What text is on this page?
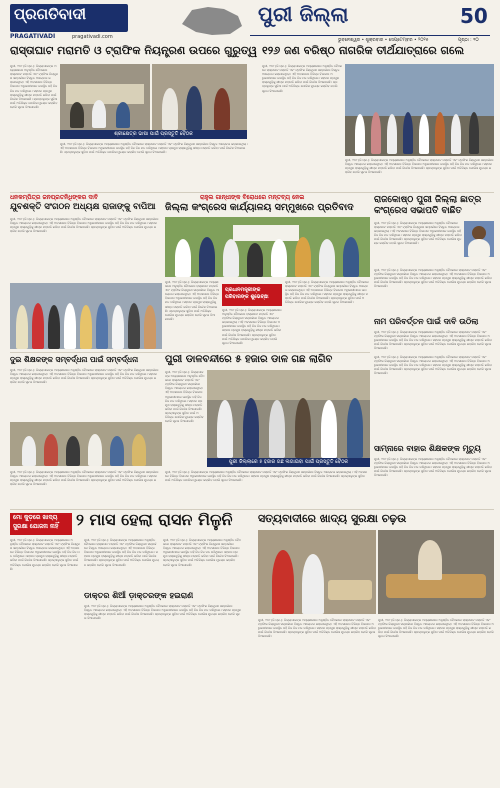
ପ୍ରଗତିବାଦୀ
PRAGATIVADI	pragativadi.com
ପୁରୀ ଜିଲ୍ଲା	50
ଭୁବନେଶ୍ୱର • ଶୁକ୍ରବାର • ସେପ୍ଟେମ୍ବର • ୨୦୨୫	ପୃଷ୍ଠା : ୧୦
ରାସ୍ତାଘାଟ ମରାମତି ଓ ଟ୍ରାଫିକ ନିୟନ୍ତ୍ରଣ ଉପରେ ଗୁରୁତ୍ୱ ୧୨୬ ଜଣ ବରିଷ୍ଠ ନାଗରିକ ତୀର୍ଥଯାତ୍ରାରେ ଗଲେ
ପୁରୀ, ୨୨ା୯ (ନି.ପ୍ର.): ଜିଲ୍ଲାପାଳଙ୍କ ଅଧ୍ୟକ୍ଷତାରେ ଅନୁଷ୍ଠିତ ବୈଠକରେ ରାସ୍ତାଘାଟ ମରାମତି ଏବଂ ଟ୍ରାଫିକ ନିୟନ୍ତ୍ରଣ ସମ୍ପର୍କରେ ବିସ୍ତୃତ ଆଲୋଚନା କରାଯାଇଥିଲା। ଏହି ଅବସରରେ ବିଭିନ୍ନ ବିଭାଗର ଅଧିକାରୀମାନେ ଉପସ୍ଥିତ ରହି ନିଜ ନିଜ ମତ ରଖିଥିଲେ। ସହରର ପ୍ରମୁଖ ରାସ୍ତାଗୁଡ଼ିକୁ ଶୀଘ୍ର ମରାମତି କରିବା ପାଇଁ ନିର୍ଦ୍ଦେଶ ଦିଆଯାଇଛି। ଶ୍ରଦ୍ଧାଳୁଙ୍କ ସୁବିଧା ପାଇଁ ଅତିରିକ୍ତ ପୋଲିସ ମୁତୟନ କରାଯିବ ବୋଲି ସୂଚନା ଦିଆଯାଇଛି।
ଶ୍ରୀକ୍ଷେତ୍ର ଭାଷା ପାଇଁ ପ୍ରସ୍ତୁତି ବୈଠକ
ପୁରୀ, ୨୨ା୯ (ନି.ପ୍ର.): ଜିଲ୍ଲାପାଳଙ୍କ ଅଧ୍ୟକ୍ଷତାରେ ଅନୁଷ୍ଠିତ ବୈଠକରେ ରାସ୍ତାଘାଟ ମରାମତି ଏବଂ ଟ୍ରାଫିକ ନିୟନ୍ତ୍ରଣ ସମ୍ପର୍କରେ ବିସ୍ତୃତ ଆଲୋଚନା କରାଯାଇଥିଲା। ଏହି ଅବସରରେ ବିଭିନ୍ନ ବିଭାଗର ଅଧିକାରୀମାନେ ଉପସ୍ଥିତ ରହି ନିଜ ନିଜ ମତ ରଖିଥିଲେ। ସହରର ପ୍ରମୁଖ ରାସ୍ତାଗୁଡ଼ିକୁ ଶୀଘ୍ର ମରାମତି କରିବା ପାଇଁ ନିର୍ଦ୍ଦେଶ ଦିଆଯାଇଛି। ଶ୍ରଦ୍ଧାଳୁଙ୍କ ସୁବିଧା ପାଇଁ ଅତିରିକ୍ତ ପୋଲିସ ମୁତୟନ କରାଯିବ ବୋଲି ସୂଚନା ଦିଆଯାଇଛି।
ପୁରୀ, ୨୨ା୯ (ନି.ପ୍ର.): ଜିଲ୍ଲାପାଳଙ୍କ ଅଧ୍ୟକ୍ଷତାରେ ଅନୁଷ୍ଠିତ ବୈଠକରେ ରାସ୍ତାଘାଟ ମରାମତି ଏବଂ ଟ୍ରାଫିକ ନିୟନ୍ତ୍ରଣ ସମ୍ପର୍କରେ ବିସ୍ତୃତ ଆଲୋଚନା କରାଯାଇଥିଲା। ଏହି ଅବସରରେ ବିଭିନ୍ନ ବିଭାଗର ଅଧିକାରୀମାନେ ଉପସ୍ଥିତ ରହି ନିଜ ନିଜ ମତ ରଖିଥିଲେ। ସହରର ପ୍ରମୁଖ ରାସ୍ତାଗୁଡ଼ିକୁ ଶୀଘ୍ର ମରାମତି କରିବା ପାଇଁ ନିର୍ଦ୍ଦେଶ ଦିଆଯାଇଛି। ଶ୍ରଦ୍ଧାଳୁଙ୍କ ସୁବିଧା ପାଇଁ ଅତିରିକ୍ତ ପୋଲିସ ମୁତୟନ କରାଯିବ ବୋଲି ସୂଚନା ଦିଆଯାଇଛି।
ପୁରୀ, ୨୨ା୯ (ନି.ପ୍ର.): ଜିଲ୍ଲାପାଳଙ୍କ ଅଧ୍ୟକ୍ଷତାରେ ଅନୁଷ୍ଠିତ ବୈଠକରେ ରାସ୍ତାଘାଟ ମରାମତି ଏବଂ ଟ୍ରାଫିକ ନିୟନ୍ତ୍ରଣ ସମ୍ପର୍କରେ ବିସ୍ତୃତ ଆଲୋଚନା କରାଯାଇଥିଲା। ଏହି ଅବସରରେ ବିଭିନ୍ନ ବିଭାଗର ଅଧିକାରୀମାନେ ଉପସ୍ଥିତ ରହି ନିଜ ନିଜ ମତ ରଖିଥିଲେ। ସହରର ପ୍ରମୁଖ ରାସ୍ତାଗୁଡ଼ିକୁ ଶୀଘ୍ର ମରାମତି କରିବା ପାଇଁ ନିର୍ଦ୍ଦେଶ ଦିଆଯାଇଛି। ଶ୍ରଦ୍ଧାଳୁଙ୍କ ସୁବିଧା ପାଇଁ ଅତିରିକ୍ତ ପୋଲିସ ମୁତୟନ କରାଯିବ ବୋଲି ସୂଚନା ଦିଆଯାଇଛି।
ଧନକମ୍ପିତ୍ର ଜନପ୍ରତନିଧିଙ୍କର ଦାବି
ଯୁବଶକ୍ତି ସଂଗଠନ ଅଧ୍ୟକ୍ଷ ରାଜାଙ୍କୁ ବାପିଆ
ପୁରୀ, ୨୨ା୯ (ନି.ପ୍ର.): ଜିଲ୍ଲାପାଳଙ୍କ ଅଧ୍ୟକ୍ଷତାରେ ଅନୁଷ୍ଠିତ ବୈଠକରେ ରାସ୍ତାଘାଟ ମରାମତି ଏବଂ ଟ୍ରାଫିକ ନିୟନ୍ତ୍ରଣ ସମ୍ପର୍କରେ ବିସ୍ତୃତ ଆଲୋଚନା କରାଯାଇଥିଲା। ଏହି ଅବସରରେ ବିଭିନ୍ନ ବିଭାଗର ଅଧିକାରୀମାନେ ଉପସ୍ଥିତ ରହି ନିଜ ନିଜ ମତ ରଖିଥିଲେ। ସହରର ପ୍ରମୁଖ ରାସ୍ତାଗୁଡ଼ିକୁ ଶୀଘ୍ର ମରାମତି କରିବା ପାଇଁ ନିର୍ଦ୍ଦେଶ ଦିଆଯାଇଛି। ଶ୍ରଦ୍ଧାଳୁଙ୍କ ସୁବିଧା ପାଇଁ ଅତିରିକ୍ତ ପୋଲିସ ମୁତୟନ କରାଯିବ ବୋଲି ସୂଚନା ଦିଆଯାଇଛି।
ରାହୁଲ ଗାନ୍ଧୀଙ୍କ ବିରୋଧରେ ମନ୍ତବ୍ୟ ନେଇ
ଜିଲ୍ଲା କଂଗ୍ରେସ କାର୍ଯ୍ୟାଳୟ ସମ୍ମୁଖରେ ପ୍ରତିବାଦ
ପୁରୀ, ୨୨ା୯ (ନି.ପ୍ର.): ଜିଲ୍ଲାପାଳଙ୍କ ଅଧ୍ୟକ୍ଷତାରେ ଅନୁଷ୍ଠିତ ବୈଠକରେ ରାସ୍ତାଘାଟ ମରାମତି ଏବଂ ଟ୍ରାଫିକ ନିୟନ୍ତ୍ରଣ ସମ୍ପର୍କରେ ବିସ୍ତୃତ ଆଲୋଚନା କରାଯାଇଥିଲା। ଏହି ଅବସରରେ ବିଭିନ୍ନ ବିଭାଗର ଅଧିକାରୀମାନେ ଉପସ୍ଥିତ ରହି ନିଜ ନିଜ ମତ ରଖିଥିଲେ। ସହରର ପ୍ରମୁଖ ରାସ୍ତାଗୁଡ଼ିକୁ ଶୀଘ୍ର ମରାମତି କରିବା ପାଇଁ ନିର୍ଦ୍ଦେଶ ଦିଆଯାଇଛି। ଶ୍ରଦ୍ଧାଳୁଙ୍କ ସୁବିଧା ପାଇଁ ଅତିରିକ୍ତ ପୋଲିସ ମୁତୟନ କରାଯିବ ବୋଲି ସୂଚନା ଦିଆଯାଇଛି।
ପ୍ରଧାନମନ୍ତ୍ରୀଙ୍କ ପରିବାରଙ୍କ ଶୁଭେଚ୍ଛା
ପୁରୀ, ୨୨ା୯ (ନି.ପ୍ର.): ଜିଲ୍ଲାପାଳଙ୍କ ଅଧ୍ୟକ୍ଷତାରେ ଅନୁଷ୍ଠିତ ବୈଠକରେ ରାସ୍ତାଘାଟ ମରାମତି ଏବଂ ଟ୍ରାଫିକ ନିୟନ୍ତ୍ରଣ ସମ୍ପର୍କରେ ବିସ୍ତୃତ ଆଲୋଚନା କରାଯାଇଥିଲା। ଏହି ଅବସରରେ ବିଭିନ୍ନ ବିଭାଗର ଅଧିକାରୀମାନେ ଉପସ୍ଥିତ ରହି ନିଜ ନିଜ ମତ ରଖିଥିଲେ। ସହରର ପ୍ରମୁଖ ରାସ୍ତାଗୁଡ଼ିକୁ ଶୀଘ୍ର ମରାମତି କରିବା ପାଇଁ ନିର୍ଦ୍ଦେଶ ଦିଆଯାଇଛି। ଶ୍ରଦ୍ଧାଳୁଙ୍କ ସୁବିଧା ପାଇଁ ଅତିରିକ୍ତ ପୋଲିସ ମୁତୟନ କରାଯିବ ବୋଲି ସୂଚନା ଦିଆଯାଇଛି।
ପୁରୀ, ୨୨ା୯ (ନି.ପ୍ର.): ଜିଲ୍ଲାପାଳଙ୍କ ଅଧ୍ୟକ୍ଷତାରେ ଅନୁଷ୍ଠିତ ବୈଠକରେ ରାସ୍ତାଘାଟ ମରାମତି ଏବଂ ଟ୍ରାଫିକ ନିୟନ୍ତ୍ରଣ ସମ୍ପର୍କରେ ବିସ୍ତୃତ ଆଲୋଚନା କରାଯାଇଥିଲା। ଏହି ଅବସରରେ ବିଭିନ୍ନ ବିଭାଗର ଅଧିକାରୀମାନେ ଉପସ୍ଥିତ ରହି ନିଜ ନିଜ ମତ ରଖିଥିଲେ। ସହରର ପ୍ରମୁଖ ରାସ୍ତାଗୁଡ଼ିକୁ ଶୀଘ୍ର ମରାମତି କରିବା ପାଇଁ ନିର୍ଦ୍ଦେଶ ଦିଆଯାଇଛି। ଶ୍ରଦ୍ଧାଳୁଙ୍କ ସୁବିଧା ପାଇଁ ଅତିରିକ୍ତ ପୋଲିସ ମୁତୟନ କରାଯିବ ବୋଲି ସୂଚନା ଦିଆଯାଇଛି।
ରାଜକୋଷ୍ଠ ପୁରୀ ଜିଲ୍ଲା ଛାତ୍ର
କଂଗ୍ରେସ ସଭାପତି ବାଛିତ
ପୁରୀ, ୨୨ା୯ (ନି.ପ୍ର.): ଜିଲ୍ଲାପାଳଙ୍କ ଅଧ୍ୟକ୍ଷତାରେ ଅନୁଷ୍ଠିତ ବୈଠକରେ ରାସ୍ତାଘାଟ ମରାମତି ଏବଂ ଟ୍ରାଫିକ ନିୟନ୍ତ୍ରଣ ସମ୍ପର୍କରେ ବିସ୍ତୃତ ଆଲୋଚନା କରାଯାଇଥିଲା। ଏହି ଅବସରରେ ବିଭିନ୍ନ ବିଭାଗର ଅଧିକାରୀମାନେ ଉପସ୍ଥିତ ରହି ନିଜ ନିଜ ମତ ରଖିଥିଲେ। ସହରର ପ୍ରମୁଖ ରାସ୍ତାଗୁଡ଼ିକୁ ଶୀଘ୍ର ମରାମତି କରିବା ପାଇଁ ନିର୍ଦ୍ଦେଶ ଦିଆଯାଇଛି। ଶ୍ରଦ୍ଧାଳୁଙ୍କ ସୁବିଧା ପାଇଁ ଅତିରିକ୍ତ ପୋଲିସ ମୁତୟନ କରାଯିବ ବୋଲି ସୂଚନା ଦିଆଯାଇଛି।
ପୁରୀ, ୨୨ା୯ (ନି.ପ୍ର.): ଜିଲ୍ଲାପାଳଙ୍କ ଅଧ୍ୟକ୍ଷତାରେ ଅନୁଷ୍ଠିତ ବୈଠକରେ ରାସ୍ତାଘାଟ ମରାମତି ଏବଂ ଟ୍ରାଫିକ ନିୟନ୍ତ୍ରଣ ସମ୍ପର୍କରେ ବିସ୍ତୃତ ଆଲୋଚନା କରାଯାଇଥିଲା। ଏହି ଅବସରରେ ବିଭିନ୍ନ ବିଭାଗର ଅଧିକାରୀମାନେ ଉପସ୍ଥିତ ରହି ନିଜ ନିଜ ମତ ରଖିଥିଲେ। ସହରର ପ୍ରମୁଖ ରାସ୍ତାଗୁଡ଼ିକୁ ଶୀଘ୍ର ମରାମତି କରିବା ପାଇଁ ନିର୍ଦ୍ଦେଶ ଦିଆଯାଇଛି। ଶ୍ରଦ୍ଧାଳୁଙ୍କ ସୁବିଧା ପାଇଁ ଅତିରିକ୍ତ ପୋଲିସ ମୁତୟନ କରାଯିବ ବୋଲି ସୂଚନା ଦିଆଯାଇଛି।
ନାମ ପରିବର୍ତ୍ତନ ପାଇଁ ଦାବି ଉଠିଲା
ପୁରୀ, ୨୨ା୯ (ନି.ପ୍ର.): ଜିଲ୍ଲାପାଳଙ୍କ ଅଧ୍ୟକ୍ଷତାରେ ଅନୁଷ୍ଠିତ ବୈଠକରେ ରାସ୍ତାଘାଟ ମରାମତି ଏବଂ ଟ୍ରାଫିକ ନିୟନ୍ତ୍ରଣ ସମ୍ପର୍କରେ ବିସ୍ତୃତ ଆଲୋଚନା କରାଯାଇଥିଲା। ଏହି ଅବସରରେ ବିଭିନ୍ନ ବିଭାଗର ଅଧିକାରୀମାନେ ଉପସ୍ଥିତ ରହି ନିଜ ନିଜ ମତ ରଖିଥିଲେ। ସହରର ପ୍ରମୁଖ ରାସ୍ତାଗୁଡ଼ିକୁ ଶୀଘ୍ର ମରାମତି କରିବା ପାଇଁ ନିର୍ଦ୍ଦେଶ ଦିଆଯାଇଛି। ଶ୍ରଦ୍ଧାଳୁଙ୍କ ସୁବିଧା ପାଇଁ ଅତିରିକ୍ତ ପୋଲିସ ମୁତୟନ କରାଯିବ ବୋଲି ସୂଚନା ଦିଆଯାଇଛି।
ଦୁଇ ଶିକ୍ଷକଙ୍କ ସମ୍ବର୍ଦ୍ଧନା ପାଇଁ ସମ୍ବର୍ଦ୍ଧନା
ପୁରୀ, ୨୨ା୯ (ନି.ପ୍ର.): ଜିଲ୍ଲାପାଳଙ୍କ ଅଧ୍ୟକ୍ଷତାରେ ଅନୁଷ୍ଠିତ ବୈଠକରେ ରାସ୍ତାଘାଟ ମରାମତି ଏବଂ ଟ୍ରାଫିକ ନିୟନ୍ତ୍ରଣ ସମ୍ପର୍କରେ ବିସ୍ତୃତ ଆଲୋଚନା କରାଯାଇଥିଲା। ଏହି ଅବସରରେ ବିଭିନ୍ନ ବିଭାଗର ଅଧିକାରୀମାନେ ଉପସ୍ଥିତ ରହି ନିଜ ନିଜ ମତ ରଖିଥିଲେ। ସହରର ପ୍ରମୁଖ ରାସ୍ତାଗୁଡ଼ିକୁ ଶୀଘ୍ର ମରାମତି କରିବା ପାଇଁ ନିର୍ଦ୍ଦେଶ ଦିଆଯାଇଛି। ଶ୍ରଦ୍ଧାଳୁଙ୍କ ସୁବିଧା ପାଇଁ ଅତିରିକ୍ତ ପୋଲିସ ମୁତୟନ କରାଯିବ ବୋଲି ସୂଚନା ଦିଆଯାଇଛି।
ପୁରୀ, ୨୨ା୯ (ନି.ପ୍ର.): ଜିଲ୍ଲାପାଳଙ୍କ ଅଧ୍ୟକ୍ଷତାରେ ଅନୁଷ୍ଠିତ ବୈଠକରେ ରାସ୍ତାଘାଟ ମରାମତି ଏବଂ ଟ୍ରାଫିକ ନିୟନ୍ତ୍ରଣ ସମ୍ପର୍କରେ ବିସ୍ତୃତ ଆଲୋଚନା କରାଯାଇଥିଲା। ଏହି ଅବସରରେ ବିଭିନ୍ନ ବିଭାଗର ଅଧିକାରୀମାନେ ଉପସ୍ଥିତ ରହି ନିଜ ନିଜ ମତ ରଖିଥିଲେ। ସହରର ପ୍ରମୁଖ ରାସ୍ତାଗୁଡ଼ିକୁ ଶୀଘ୍ର ମରାମତି କରିବା ପାଇଁ ନିର୍ଦ୍ଦେଶ ଦିଆଯାଇଛି। ଶ୍ରଦ୍ଧାଳୁଙ୍କ ସୁବିଧା ପାଇଁ ଅତିରିକ୍ତ ପୋଲିସ ମୁତୟନ କରାଯିବ ବୋଲି ସୂଚନା ଦିଆଯାଇଛି।
ପୁରୀ ଡାଳବନ୍ଦୀରେ ୫ ହଜାର ଡାଳ ଗଛ ଲାଗିବ
ପୁରୀ, ୨୨ା୯ (ନି.ପ୍ର.): ଜିଲ୍ଲାପାଳଙ୍କ ଅଧ୍ୟକ୍ଷତାରେ ଅନୁଷ୍ଠିତ ବୈଠକରେ ରାସ୍ତାଘାଟ ମରାମତି ଏବଂ ଟ୍ରାଫିକ ନିୟନ୍ତ୍ରଣ ସମ୍ପର୍କରେ ବିସ୍ତୃତ ଆଲୋଚନା କରାଯାଇଥିଲା। ଏହି ଅବସରରେ ବିଭିନ୍ନ ବିଭାଗର ଅଧିକାରୀମାନେ ଉପସ୍ଥିତ ରହି ନିଜ ନିଜ ମତ ରଖିଥିଲେ। ସହରର ପ୍ରମୁଖ ରାସ୍ତାଗୁଡ଼ିକୁ ଶୀଘ୍ର ମରାମତି କରିବା ପାଇଁ ନିର୍ଦ୍ଦେଶ ଦିଆଯାଇଛି। ଶ୍ରଦ୍ଧାଳୁଙ୍କ ସୁବିଧା ପାଇଁ ଅତିରିକ୍ତ ପୋଲିସ ମୁତୟନ କରାଯିବ ବୋଲି ସୂଚନା ଦିଆଯାଇଛି।
ପୁରୀ ଜିଲ୍ଲାରେ ୫ ହଜାର ଗଛ ଲଗାଇବା ପାଇଁ ପ୍ରସ୍ତୁତି ବୈଠକ
ପୁରୀ, ୨୨ା୯ (ନି.ପ୍ର.): ଜିଲ୍ଲାପାଳଙ୍କ ଅଧ୍ୟକ୍ଷତାରେ ଅନୁଷ୍ଠିତ ବୈଠକରେ ରାସ୍ତାଘାଟ ମରାମତି ଏବଂ ଟ୍ରାଫିକ ନିୟନ୍ତ୍ରଣ ସମ୍ପର୍କରେ ବିସ୍ତୃତ ଆଲୋଚନା କରାଯାଇଥିଲା। ଏହି ଅବସରରେ ବିଭିନ୍ନ ବିଭାଗର ଅଧିକାରୀମାନେ ଉପସ୍ଥିତ ରହି ନିଜ ନିଜ ମତ ରଖିଥିଲେ। ସହରର ପ୍ରମୁଖ ରାସ୍ତାଗୁଡ଼ିକୁ ଶୀଘ୍ର ମରାମତି କରିବା ପାଇଁ ନିର୍ଦ୍ଦେଶ ଦିଆଯାଇଛି। ଶ୍ରଦ୍ଧାଳୁଙ୍କ ସୁବିଧା ପାଇଁ ଅତିରିକ୍ତ ପୋଲିସ ମୁତୟନ କରାଯିବ ବୋଲି ସୂଚନା ଦିଆଯାଇଛି।
ପୁରୀ, ୨୨ା୯ (ନି.ପ୍ର.): ଜିଲ୍ଲାପାଳଙ୍କ ଅଧ୍ୟକ୍ଷତାରେ ଅନୁଷ୍ଠିତ ବୈଠକରେ ରାସ୍ତାଘାଟ ମରାମତି ଏବଂ ଟ୍ରାଫିକ ନିୟନ୍ତ୍ରଣ ସମ୍ପର୍କରେ ବିସ୍ତୃତ ଆଲୋଚନା କରାଯାଇଥିଲା। ଏହି ଅବସରରେ ବିଭିନ୍ନ ବିଭାଗର ଅଧିକାରୀମାନେ ଉପସ୍ଥିତ ରହି ନିଜ ନିଜ ମତ ରଖିଥିଲେ। ସହରର ପ୍ରମୁଖ ରାସ୍ତାଗୁଡ଼ିକୁ ଶୀଘ୍ର ମରାମତି କରିବା ପାଇଁ ନିର୍ଦ୍ଦେଶ ଦିଆଯାଇଛି। ଶ୍ରଦ୍ଧାଳୁଙ୍କ ସୁବିଧା ପାଇଁ ଅତିରିକ୍ତ ପୋଲିସ ମୁତୟନ କରାଯିବ ବୋଲି ସୂଚନା ଦିଆଯାଇଛି।
ସାମ୍ନାରେ ବାହାର ଶିକ୍ଷକଙ୍କ ମୃତ୍ୟୁ
ପୁରୀ, ୨୨ା୯ (ନି.ପ୍ର.): ଜିଲ୍ଲାପାଳଙ୍କ ଅଧ୍ୟକ୍ଷତାରେ ଅନୁଷ୍ଠିତ ବୈଠକରେ ରାସ୍ତାଘାଟ ମରାମତି ଏବଂ ଟ୍ରାଫିକ ନିୟନ୍ତ୍ରଣ ସମ୍ପର୍କରେ ବିସ୍ତୃତ ଆଲୋଚନା କରାଯାଇଥିଲା। ଏହି ଅବସରରେ ବିଭିନ୍ନ ବିଭାଗର ଅଧିକାରୀମାନେ ଉପସ୍ଥିତ ରହି ନିଜ ନିଜ ମତ ରଖିଥିଲେ। ସହରର ପ୍ରମୁଖ ରାସ୍ତାଗୁଡ଼ିକୁ ଶୀଘ୍ର ମରାମତି କରିବା ପାଇଁ ନିର୍ଦ୍ଦେଶ ଦିଆଯାଇଛି। ଶ୍ରଦ୍ଧାଳୁଙ୍କ ସୁବିଧା ପାଇଁ ଅତିରିକ୍ତ ପୋଲିସ ମୁତୟନ କରାଯିବ ବୋଲି ସୂଚନା ଦିଆଯାଇଛି।
ମୋ କୁଡ଼ରେ ଖାଦ୍ୟ
ସୁରକ୍ଷା ଯୋଜନା ନାହିଁ	୨ ମାସ ହେଲା ରାସନ ମିଳୁନି
ପୁରୀ, ୨୨ା୯ (ନି.ପ୍ର.): ଜିଲ୍ଲାପାଳଙ୍କ ଅଧ୍ୟକ୍ଷତାରେ ଅନୁଷ୍ଠିତ ବୈଠକରେ ରାସ୍ତାଘାଟ ମରାମତି ଏବଂ ଟ୍ରାଫିକ ନିୟନ୍ତ୍ରଣ ସମ୍ପର୍କରେ ବିସ୍ତୃତ ଆଲୋଚନା କରାଯାଇଥିଲା। ଏହି ଅବସରରେ ବିଭିନ୍ନ ବିଭାଗର ଅଧିକାରୀମାନେ ଉପସ୍ଥିତ ରହି ନିଜ ନିଜ ମତ ରଖିଥିଲେ। ସହରର ପ୍ରମୁଖ ରାସ୍ତାଗୁଡ଼ିକୁ ଶୀଘ୍ର ମରାମତି କରିବା ପାଇଁ ନିର୍ଦ୍ଦେଶ ଦିଆଯାଇଛି। ଶ୍ରଦ୍ଧାଳୁଙ୍କ ସୁବିଧା ପାଇଁ ଅତିରିକ୍ତ ପୋଲିସ ମୁତୟନ କରାଯିବ ବୋଲି ସୂଚନା ଦିଆଯାଇଛି।
ପୁରୀ, ୨୨ା୯ (ନି.ପ୍ର.): ଜିଲ୍ଲାପାଳଙ୍କ ଅଧ୍ୟକ୍ଷତାରେ ଅନୁଷ୍ଠିତ ବୈଠକରେ ରାସ୍ତାଘାଟ ମରାମତି ଏବଂ ଟ୍ରାଫିକ ନିୟନ୍ତ୍ରଣ ସମ୍ପର୍କରେ ବିସ୍ତୃତ ଆଲୋଚନା କରାଯାଇଥିଲା। ଏହି ଅବସରରେ ବିଭିନ୍ନ ବିଭାଗର ଅଧିକାରୀମାନେ ଉପସ୍ଥିତ ରହି ନିଜ ନିଜ ମତ ରଖିଥିଲେ। ସହରର ପ୍ରମୁଖ ରାସ୍ତାଗୁଡ଼ିକୁ ଶୀଘ୍ର ମରାମତି କରିବା ପାଇଁ ନିର୍ଦ୍ଦେଶ ଦିଆଯାଇଛି। ଶ୍ରଦ୍ଧାଳୁଙ୍କ ସୁବିଧା ପାଇଁ ଅତିରିକ୍ତ ପୋଲିସ ମୁତୟନ କରାଯିବ ବୋଲି ସୂଚନା ଦିଆଯାଇଛି।
ପୁରୀ, ୨୨ା୯ (ନି.ପ୍ର.): ଜିଲ୍ଲାପାଳଙ୍କ ଅଧ୍ୟକ୍ଷତାରେ ଅନୁଷ୍ଠିତ ବୈଠକରେ ରାସ୍ତାଘାଟ ମରାମତି ଏବଂ ଟ୍ରାଫିକ ନିୟନ୍ତ୍ରଣ ସମ୍ପର୍କରେ ବିସ୍ତୃତ ଆଲୋଚନା କରାଯାଇଥିଲା। ଏହି ଅବସରରେ ବିଭିନ୍ନ ବିଭାଗର ଅଧିକାରୀମାନେ ଉପସ୍ଥିତ ରହି ନିଜ ନିଜ ମତ ରଖିଥିଲେ। ସହରର ପ୍ରମୁଖ ରାସ୍ତାଗୁଡ଼ିକୁ ଶୀଘ୍ର ମରାମତି କରିବା ପାଇଁ ନିର୍ଦ୍ଦେଶ ଦିଆଯାଇଛି। ଶ୍ରଦ୍ଧାଳୁଙ୍କ ସୁବିଧା ପାଇଁ ଅତିରିକ୍ତ ପୋଲିସ ମୁତୟନ କରାଯିବ ବୋଲି ସୂଚନା ଦିଆଯାଇଛି।
ଡାକ୍ତର ଶିଆଁ ଡ଼ାକ୍ତରଙ୍କ ହଇରାଣ
ପୁରୀ, ୨୨ା୯ (ନି.ପ୍ର.): ଜିଲ୍ଲାପାଳଙ୍କ ଅଧ୍ୟକ୍ଷତାରେ ଅନୁଷ୍ଠିତ ବୈଠକରେ ରାସ୍ତାଘାଟ ମରାମତି ଏବଂ ଟ୍ରାଫିକ ନିୟନ୍ତ୍ରଣ ସମ୍ପର୍କରେ ବିସ୍ତୃତ ଆଲୋଚନା କରାଯାଇଥିଲା। ଏହି ଅବସରରେ ବିଭିନ୍ନ ବିଭାଗର ଅଧିକାରୀମାନେ ଉପସ୍ଥିତ ରହି ନିଜ ନିଜ ମତ ରଖିଥିଲେ। ସହରର ପ୍ରମୁଖ ରାସ୍ତାଗୁଡ଼ିକୁ ଶୀଘ୍ର ମରାମତି କରିବା ପାଇଁ ନିର୍ଦ୍ଦେଶ ଦିଆଯାଇଛି। ଶ୍ରଦ୍ଧାଳୁଙ୍କ ସୁବିଧା ପାଇଁ ଅତିରିକ୍ତ ପୋଲିସ ମୁତୟନ କରାଯିବ ବୋଲି ସୂଚନା ଦିଆଯାଇଛି।
ସତ୍ୟବାଦୀରେ ଖାଦ୍ୟ ସୁରକ୍ଷା ଚଢ଼ଉ
ପୁରୀ, ୨୨ା୯ (ନି.ପ୍ର.): ଜିଲ୍ଲାପାଳଙ୍କ ଅଧ୍ୟକ୍ଷତାରେ ଅନୁଷ୍ଠିତ ବୈଠକରେ ରାସ୍ତାଘାଟ ମରାମତି ଏବଂ ଟ୍ରାଫିକ ନିୟନ୍ତ୍ରଣ ସମ୍ପର୍କରେ ବିସ୍ତୃତ ଆଲୋଚନା କରାଯାଇଥିଲା। ଏହି ଅବସରରେ ବିଭିନ୍ନ ବିଭାଗର ଅଧିକାରୀମାନେ ଉପସ୍ଥିତ ରହି ନିଜ ନିଜ ମତ ରଖିଥିଲେ। ସହରର ପ୍ରମୁଖ ରାସ୍ତାଗୁଡ଼ିକୁ ଶୀଘ୍ର ମରାମତି କରିବା ପାଇଁ ନିର୍ଦ୍ଦେଶ ଦିଆଯାଇଛି। ଶ୍ରଦ୍ଧାଳୁଙ୍କ ସୁବିଧା ପାଇଁ ଅତିରିକ୍ତ ପୋଲିସ ମୁତୟନ କରାଯିବ ବୋଲି ସୂଚନା ଦିଆଯାଇଛି।
ପୁରୀ, ୨୨ା୯ (ନି.ପ୍ର.): ଜିଲ୍ଲାପାଳଙ୍କ ଅଧ୍ୟକ୍ଷତାରେ ଅନୁଷ୍ଠିତ ବୈଠକରେ ରାସ୍ତାଘାଟ ମରାମତି ଏବଂ ଟ୍ରାଫିକ ନିୟନ୍ତ୍ରଣ ସମ୍ପର୍କରେ ବିସ୍ତୃତ ଆଲୋଚନା କରାଯାଇଥିଲା। ଏହି ଅବସରରେ ବିଭିନ୍ନ ବିଭାଗର ଅଧିକାରୀମାନେ ଉପସ୍ଥିତ ରହି ନିଜ ନିଜ ମତ ରଖିଥିଲେ। ସହରର ପ୍ରମୁଖ ରାସ୍ତାଗୁଡ଼ିକୁ ଶୀଘ୍ର ମରାମତି କରିବା ପାଇଁ ନିର୍ଦ୍ଦେଶ ଦିଆଯାଇଛି। ଶ୍ରଦ୍ଧାଳୁଙ୍କ ସୁବିଧା ପାଇଁ ଅତିରିକ୍ତ ପୋଲିସ ମୁତୟନ କରାଯିବ ବୋଲି ସୂଚନା ଦିଆଯାଇଛି।
